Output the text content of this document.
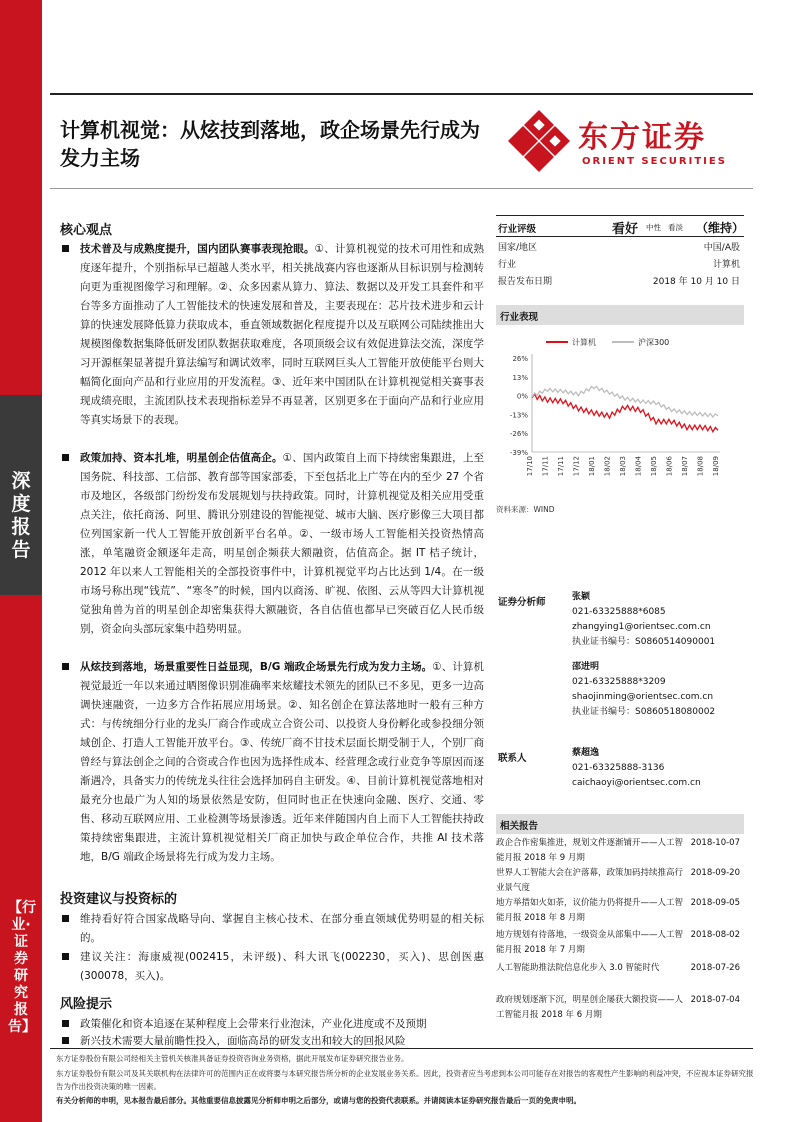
深度报告
【行业·证券研究报告】
计算机视觉：从炫技到落地，政企场景先行成为发力主场
东方证券
ORIENT SECURITIES
核心观点
技术普及与成熟度提升，国内团队赛事表现抢眼。①、计算机视觉的技术可用性和成熟度逐年提升，个别指标早已超越人类水平，相关挑战赛内容也逐渐从目标识别与检测转向更为重视图像学习和理解。②、众多因素从算力、算法、数据以及开发工具套件和平台等多方面推动了人工智能技术的快速发展和普及，主要表现在：芯片技术进步和云计算的快速发展降低算力获取成本，垂直领域数据化程度提升以及互联网公司陆续推出大规模图像数据集降低研发团队数据获取难度，各项顶级会议有效促进算法交流，深度学习开源框架显著提升算法编写和调试效率，同时互联网巨头人工智能开放使能平台则大幅简化面向产品和行业应用的开发流程。③、近年来中国团队在计算机视觉相关赛事表现成绩亮眼，主流团队技术表现指标差异不再显著，区别更多在于面向产品和行业应用等真实场景下的表现。
政策加持、资本扎堆，明星创企估值高企。①、国内政策自上而下持续密集跟进，上至国务院、科技部、工信部、教育部等国家部委，下至包括北上广等在内的至少 27 个省市及地区，各级部门纷纷发布发展规划与扶持政策。同时，计算机视觉及相关应用受重点关注，依托商汤、阿里、腾讯分别建设的智能视觉、城市大脑、医疗影像三大项目都位列国家新一代人工智能开放创新平台名单。②、一级市场人工智能相关投资热情高涨，单笔融资金额逐年走高，明星创企频获大额融资，估值高企。据 IT 桔子统计，2012 年以来人工智能相关的全部投资事件中，计算机视觉平均占比达到 1/4。在一级市场号称出现“钱荒”、“寒冬”的时候，国内以商汤、旷视、依图、云从等四大计算机视觉独角兽为首的明星创企却密集获得大额融资，各自估值也都早已突破百亿人民币级别，资金向头部玩家集中趋势明显。
从炫技到落地，场景重要性日益显现，B/G 端政企场景先行成为发力主场。①、计算机视觉最近一年以来通过晒图像识别准确率来炫耀技术领先的团队已不多见，更多一边高调快速融资，一边多方合作拓展应用场景。②、知名创企在算法落地时一般有三种方式：与传统细分行业的龙头厂商合作或成立合资公司、以投资人身份孵化或参投细分领域创企、打造人工智能开放平台。③、传统厂商不甘技术层面长期受制于人，个别厂商曾经与算法创企之间的合资或合作也因为选择性成本、经营理念或行业竞争等原因而逐渐遇冷，具备实力的传统龙头往往会选择加码自主研发。④、目前计算机视觉落地相对最充分也最广为人知的场景依然是安防，但同时也正在快速向金融、医疗、交通、零售、移动互联网应用、工业检测等场景渗透。近年来伴随国内自上而下人工智能扶持政策持续密集跟进，主流计算机视觉相关厂商正加快与政企单位合作，共推 AI 技术落地，B/G 端政企场景将先行成为发力主场。
投资建议与投资标的
维持看好符合国家战略导向、掌握自主核心技术、在部分垂直领域优势明显的相关标的。
建议关注：海康威视(002415，未评级)、科大讯飞(002230，买入)、思创医惠(300078，买入)。
风险提示
政策催化和资本追逐在某种程度上会带来行业泡沫，产业化进度或不及预期
新兴技术需要大量前瞻性投入，面临高昂的研发支出和较大的回报风险
行业评级	看好 中性 看淡 （维持）
国家/地区	中国/A股
行业	计算机
报告发布日期	2018 年 10 月 10 日
行业表现
计算机	沪深300
26%
13%
0%
-13%
-26%
-39%
17/10 17/11 17/11 17/12 18/01 18/02 18/03 18/04 18/05 18/06 18/07 18/08 18/09
资料来源：WIND
证券分析师	张颖
021-63325888*6085
zhangying1@orientsec.com.cn
执业证书编号：S0860514090001
邵进明
021-63325888*3209
shaojinming@orientsec.com.cn
执业证书编号：S0860518080002
联系人	蔡超逸
021-63325888-3136
caichaoyi@orientsec.com.cn
相关报告
政企合作密集推进，规划文件逐渐铺开——人工智能月报 2018 年 9 月期
2018-10-07
世界人工智能大会在沪落幕，政策加码持续推高行业景气度
2018-09-20
地方举措如火如荼，议价能力仍将提升——人工智能月报 2018 年 8 月期
2018-09-05
地方规划有待落地，一级资金从部集中——人工智能月报 2018 年 7 月期
2018-08-02
人工智能助推法院信息化步入 3.0 智能时代	2018-07-26
政府规划逐渐下沉，明星创企屡获大额投资——人工智能月报 2018 年 6 月期
2018-07-04
东方证券股份有限公司经相关主管机关核准具备证券投资咨询业务资格，据此开展发布证券研究报告业务。
东方证券股份有限公司及其关联机构在法律许可的范围内正在或将要与本研究报告所分析的企业发展业务关系。因此，投资者应当考虑到本公司可能存在对报告的客观性产生影响的利益冲突，不应视本证券研究报告为作出投资决策的唯一因素。
有关分析师的申明，见本报告最后部分。其他重要信息披露见分析师申明之后部分，或请与您的投资代表联系。并请阅读本证券研究报告最后一页的免责申明。
